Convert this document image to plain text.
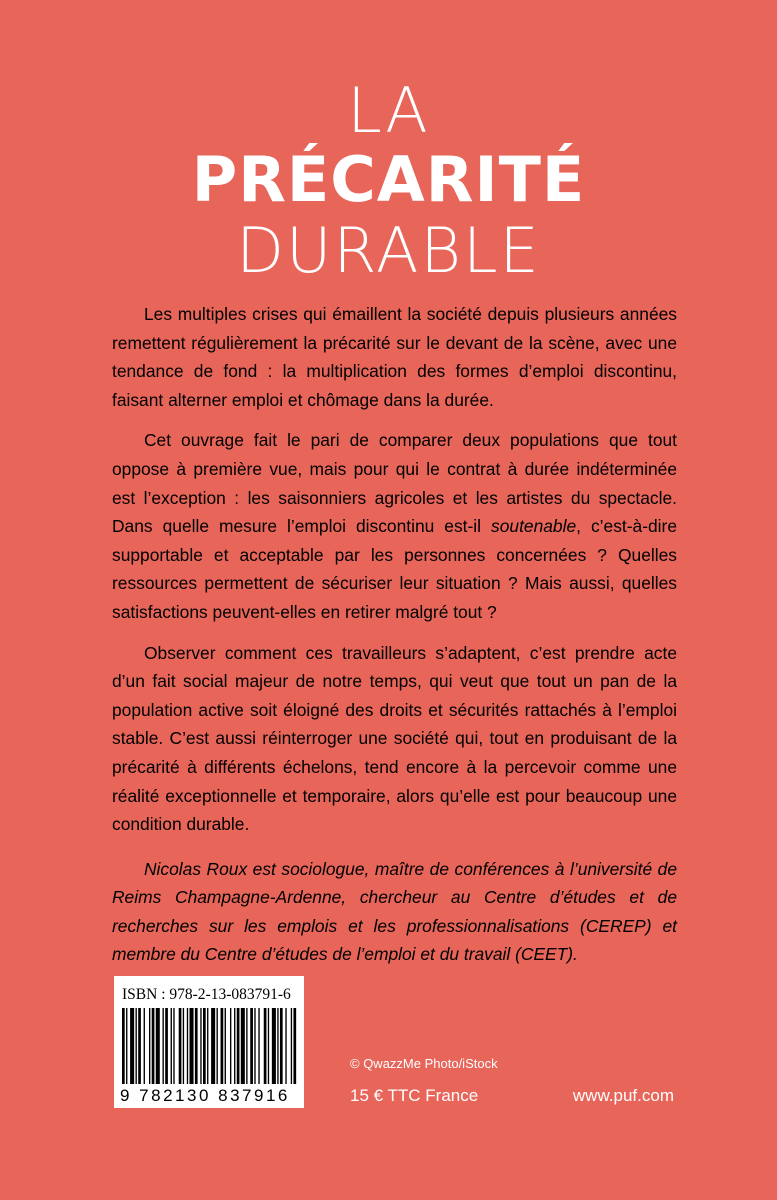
LA
PRÉCARITÉ
DURABLE

Les multiples crises qui émaillent la société depuis plusieurs années remettent régulièrement la précarité sur le devant de la scène, avec une tendance de fond : la multiplication des formes d’emploi discontinu, faisant alterner emploi et chômage dans la durée.

Cet ouvrage fait le pari de comparer deux populations que tout oppose à première vue, mais pour qui le contrat à durée indéterminée est l’exception : les saisonniers agricoles et les artistes du spectacle. Dans quelle mesure l’emploi discontinu est-il soutenable, c’est-à-dire supportable et acceptable par les personnes concernées ? Quelles ressources permettent de sécuriser leur situation ? Mais aussi, quelles satisfactions peuvent-elles en retirer malgré tout ?

Observer comment ces travailleurs s’adaptent, c’est prendre acte d’un fait social majeur de notre temps, qui veut que tout un pan de la population active soit éloigné des droits et sécurités rattachés à l’emploi stable. C’est aussi réinterroger une société qui, tout en produisant de la précarité à différents échelons, tend encore à la percevoir comme une réalité exceptionnelle et temporaire, alors qu’elle est pour beaucoup une condition durable.

Nicolas Roux est sociologue, maître de conférences à l’université de Reims Champagne-Ardenne, chercheur au Centre d’études et de recherches sur les emplois et les professionnalisations (CEREP) et membre du Centre d’études de l’emploi et du travail (CEET).

ISBN : 978-2-13-083791-6
9 782130 837916
© QwazzMe Photo/iStock
15 € TTC France	www.puf.com
